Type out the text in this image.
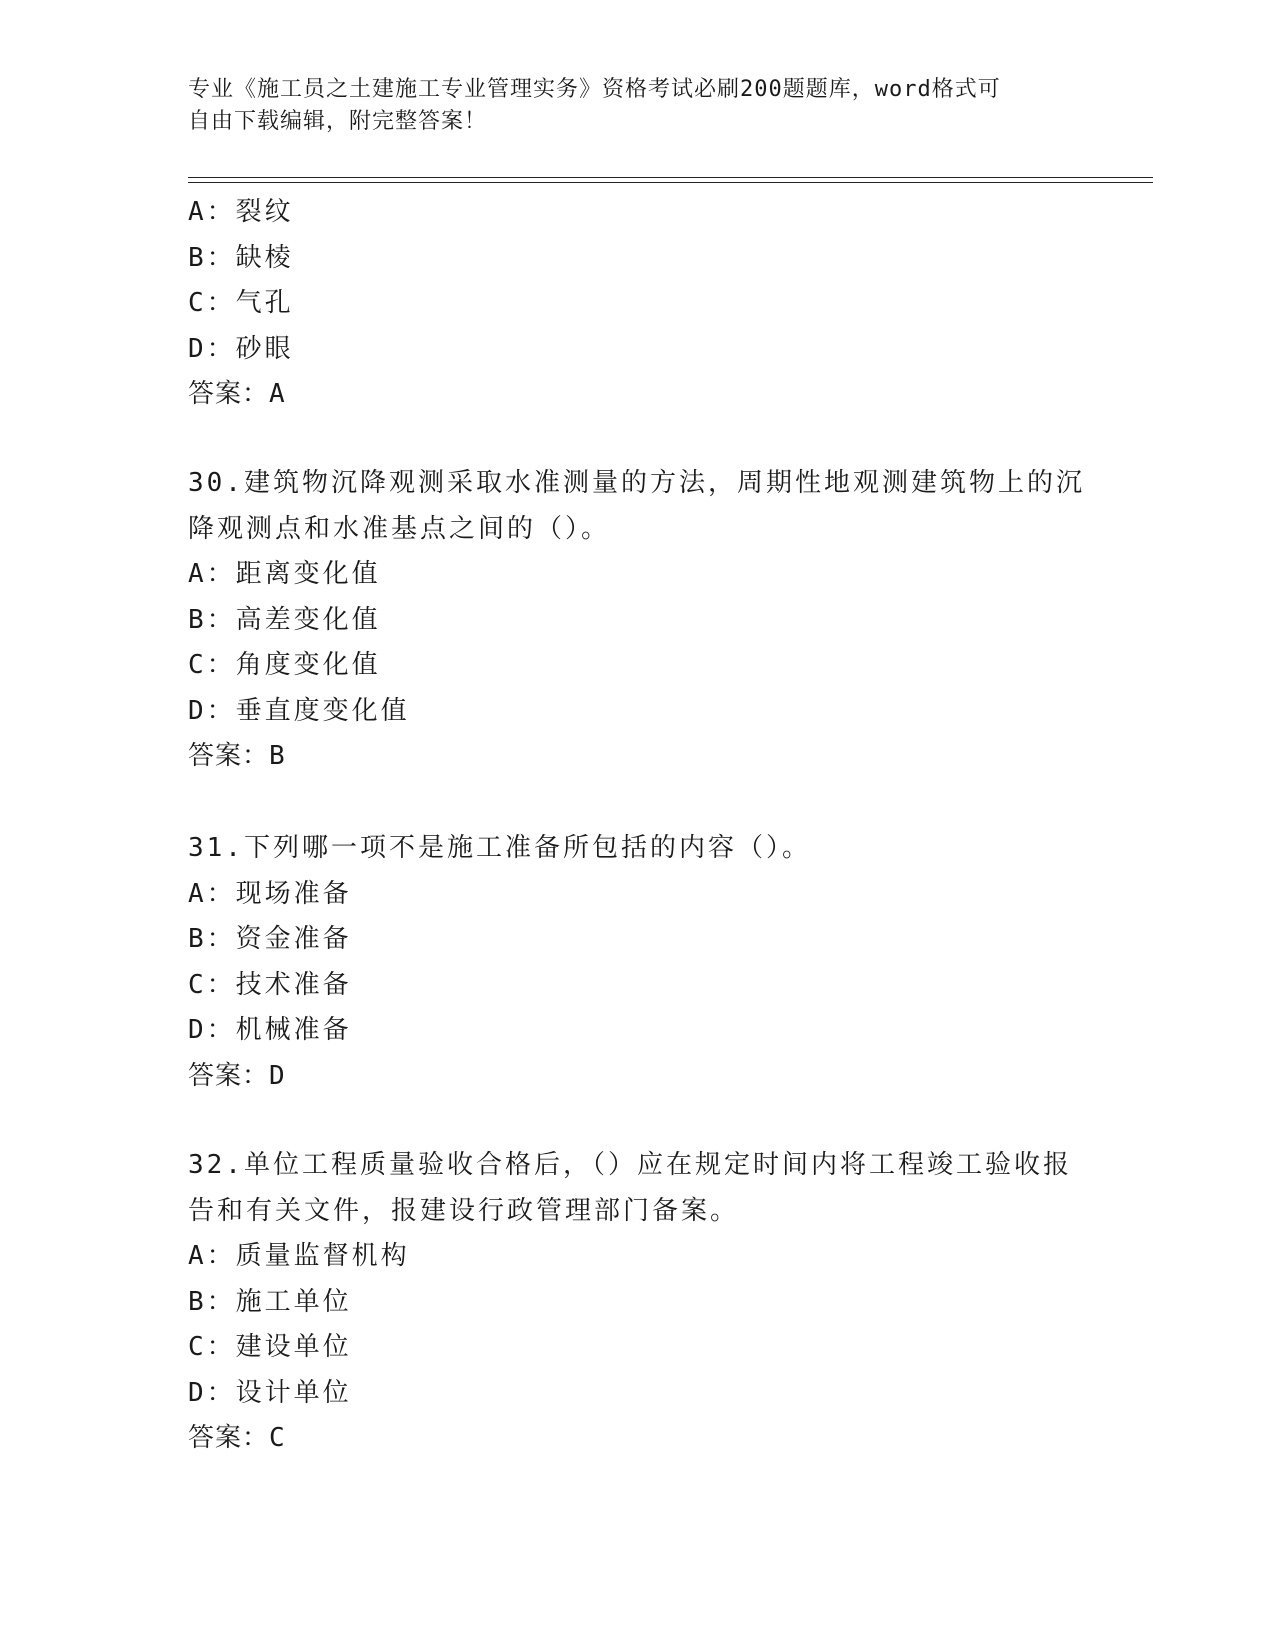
专业《施工员之土建施工专业管理实务》资格考试必刷200题题库，word格式可

自由下载编辑，附完整答案！

A：裂纹

B：缺棱

C：气孔

D：砂眼

答案：A

30.建筑物沉降观测采取水准测量的方法，周期性地观测建筑物上的沉

降观测点和水准基点之间的（）。

A：距离变化值

B：高差变化值

C：角度变化值

D：垂直度变化值

答案：B

31.下列哪一项不是施工准备所包括的内容（）。

A：现场准备

B：资金准备

C：技术准备

D：机械准备

答案：D

32.单位工程质量验收合格后，（）应在规定时间内将工程竣工验收报

告和有关文件，报建设行政管理部门备案。

A：质量监督机构

B：施工单位

C：建设单位

D：设计单位

答案：C
